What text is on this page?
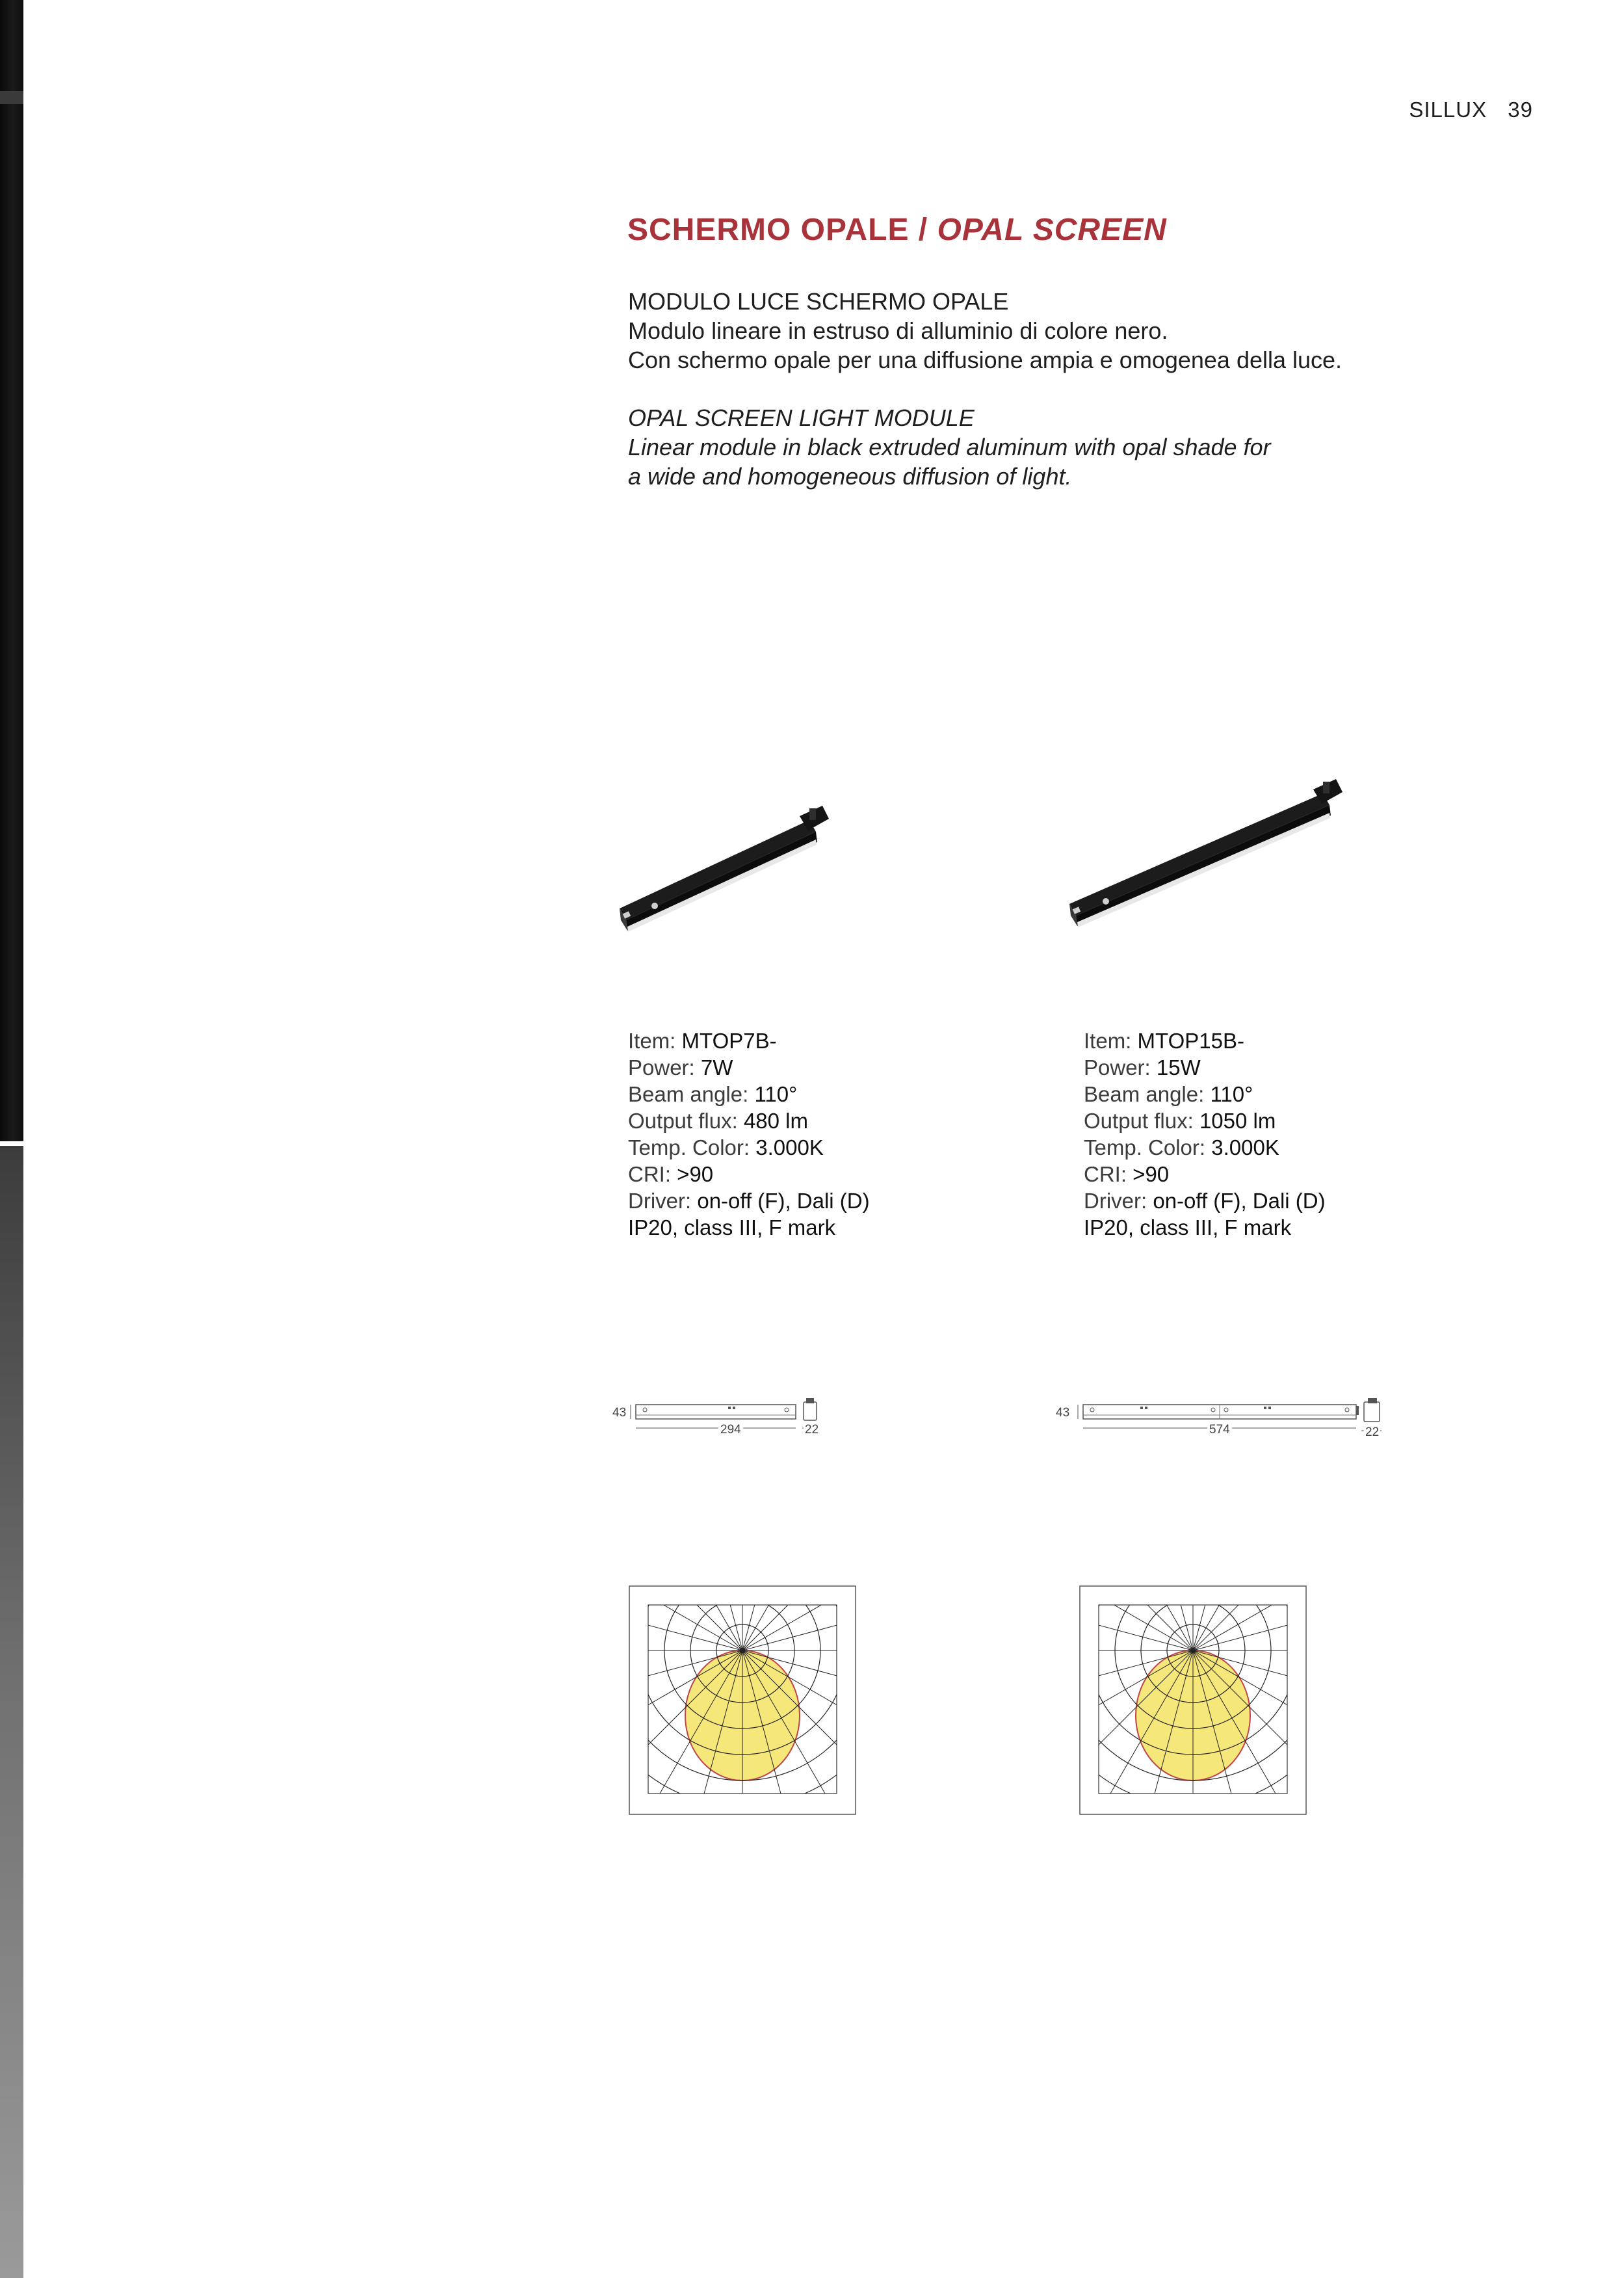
SILLUX 39
SCHERMO OPALE / OPAL SCREEN

MODULO LUCE SCHERMO OPALE

Modulo lineare in estruso di alluminio di colore nero.

Con schermo opale per una diffusione ampia e omogenea della luce.

OPAL SCREEN LIGHT MODULE

Linear module in black extruded aluminum with opal shade for

a wide and homogeneous diffusion of light.

Item: MTOP7B-
Power: 7W
Beam angle: 110°
Output flux: 480 lm
Temp. Color: 3.000K
CRI: >90
Driver: on-off (F), Dali (D)
IP20, class III, F mark
Item: MTOP15B-
Power: 15W
Beam angle: 110°
Output flux: 1050 lm
Temp. Color: 3.000K
CRI: >90
Driver: on-off (F), Dali (D)
IP20, class III, F mark
43
294	22
43
574	22
